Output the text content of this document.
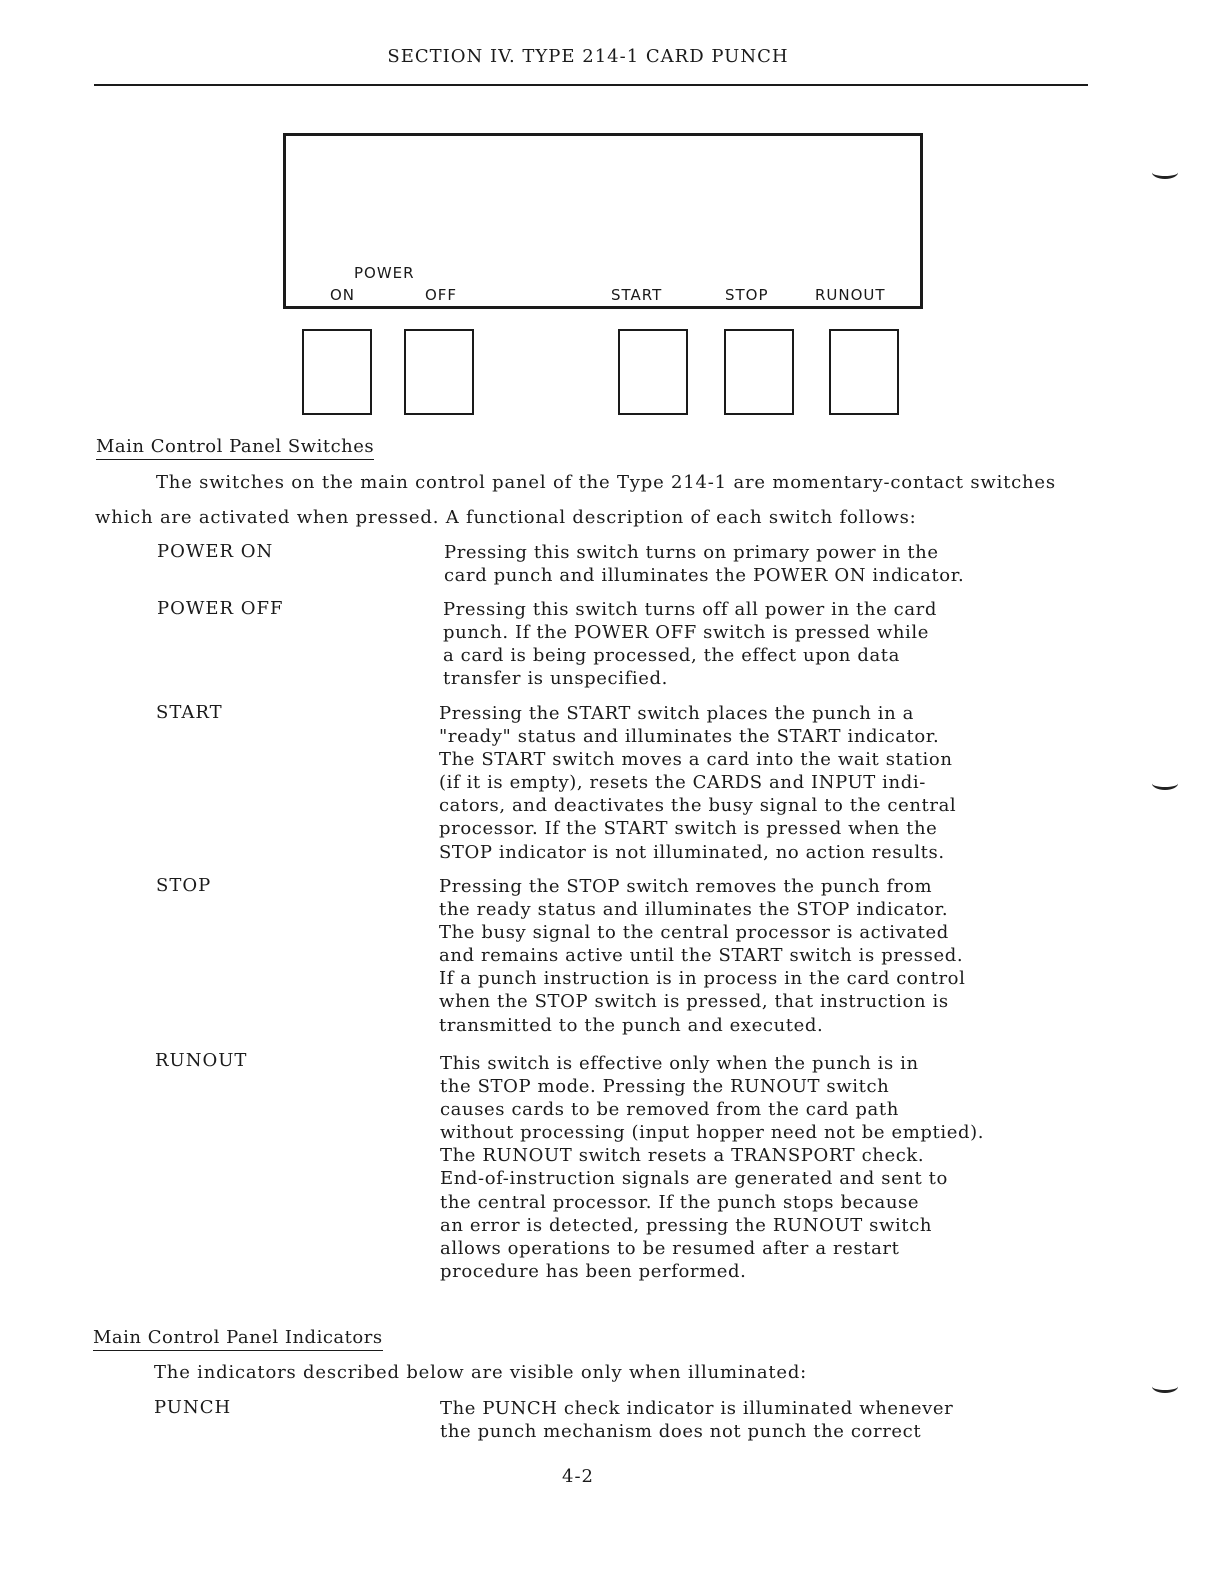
SECTION IV. TYPE 214-1 CARD PUNCH
POWER
ON	OFF	START	STOP	RUNOUT
Main Control Panel Switches
The switches on the main control panel of the Type 214-1 are momentary-contact switches
which are activated when pressed. A functional description of each switch follows:
POWER ON	Pressing this switch turns on primary power in the
card punch and illuminates the POWER ON indicator.
POWER OFF	Pressing this switch turns off all power in the card
punch. If the POWER OFF switch is pressed while
a card is being processed, the effect upon data
transfer is unspecified.
START	Pressing the START switch places the punch in a
"ready" status and illuminates the START indicator.
The START switch moves a card into the wait station
(if it is empty), resets the CARDS and INPUT indi-
cators, and deactivates the busy signal to the central
processor. If the START switch is pressed when the
STOP indicator is not illuminated, no action results.
STOP	Pressing the STOP switch removes the punch from
the ready status and illuminates the STOP indicator.
The busy signal to the central processor is activated
and remains active until the START switch is pressed.
If a punch instruction is in process in the card control
when the STOP switch is pressed, that instruction is
transmitted to the punch and executed.
RUNOUT	This switch is effective only when the punch is in
the STOP mode. Pressing the RUNOUT switch
causes cards to be removed from the card path
without processing (input hopper need not be emptied).
The RUNOUT switch resets a TRANSPORT check.
End-of-instruction signals are generated and sent to
the central processor. If the punch stops because
an error is detected, pressing the RUNOUT switch
allows operations to be resumed after a restart
procedure has been performed.
Main Control Panel Indicators
The indicators described below are visible only when illuminated:
PUNCH	The PUNCH check indicator is illuminated whenever
the punch mechanism does not punch the correct
4-2
